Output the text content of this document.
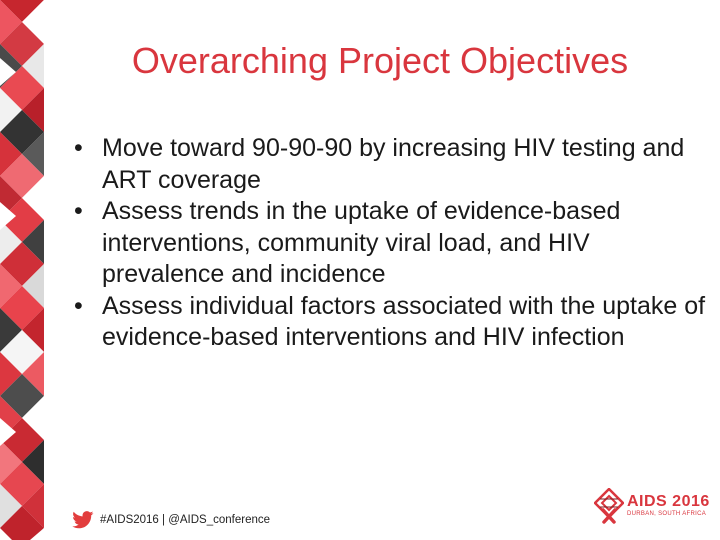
Overarching Project Objectives
• Move toward 90-90-90 by increasing HIV testing and ART coverage
• Assess trends in the uptake of evidence-based interventions, community viral load, and HIV prevalence and incidence
• Assess individual factors associated with the uptake of evidence-based interventions and HIV infection
#AIDS2016 | @AIDS_conference
AIDS 2016
DURBAN, SOUTH AFRICA
